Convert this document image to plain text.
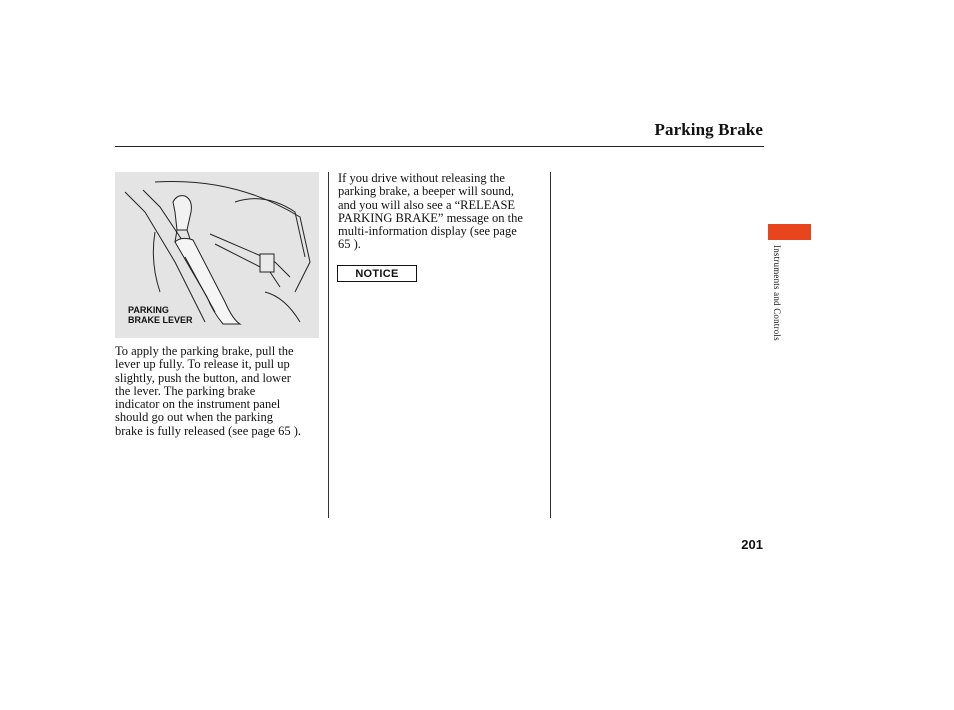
Parking Brake
PARKING
BRAKE LEVER
To apply the parking brake, pull the
lever up fully. To release it, pull up
slightly, push the button, and lower
the lever. The parking brake
indicator on the instrument panel
should go out when the parking
brake is fully released (see page 65 ).
If you drive without releasing the
parking brake, a beeper will sound,
and you will also see a “RELEASE
PARKING BRAKE” message on the
multi-information display (see page
65 ).
NOTICE	Instruments and Controls
201
